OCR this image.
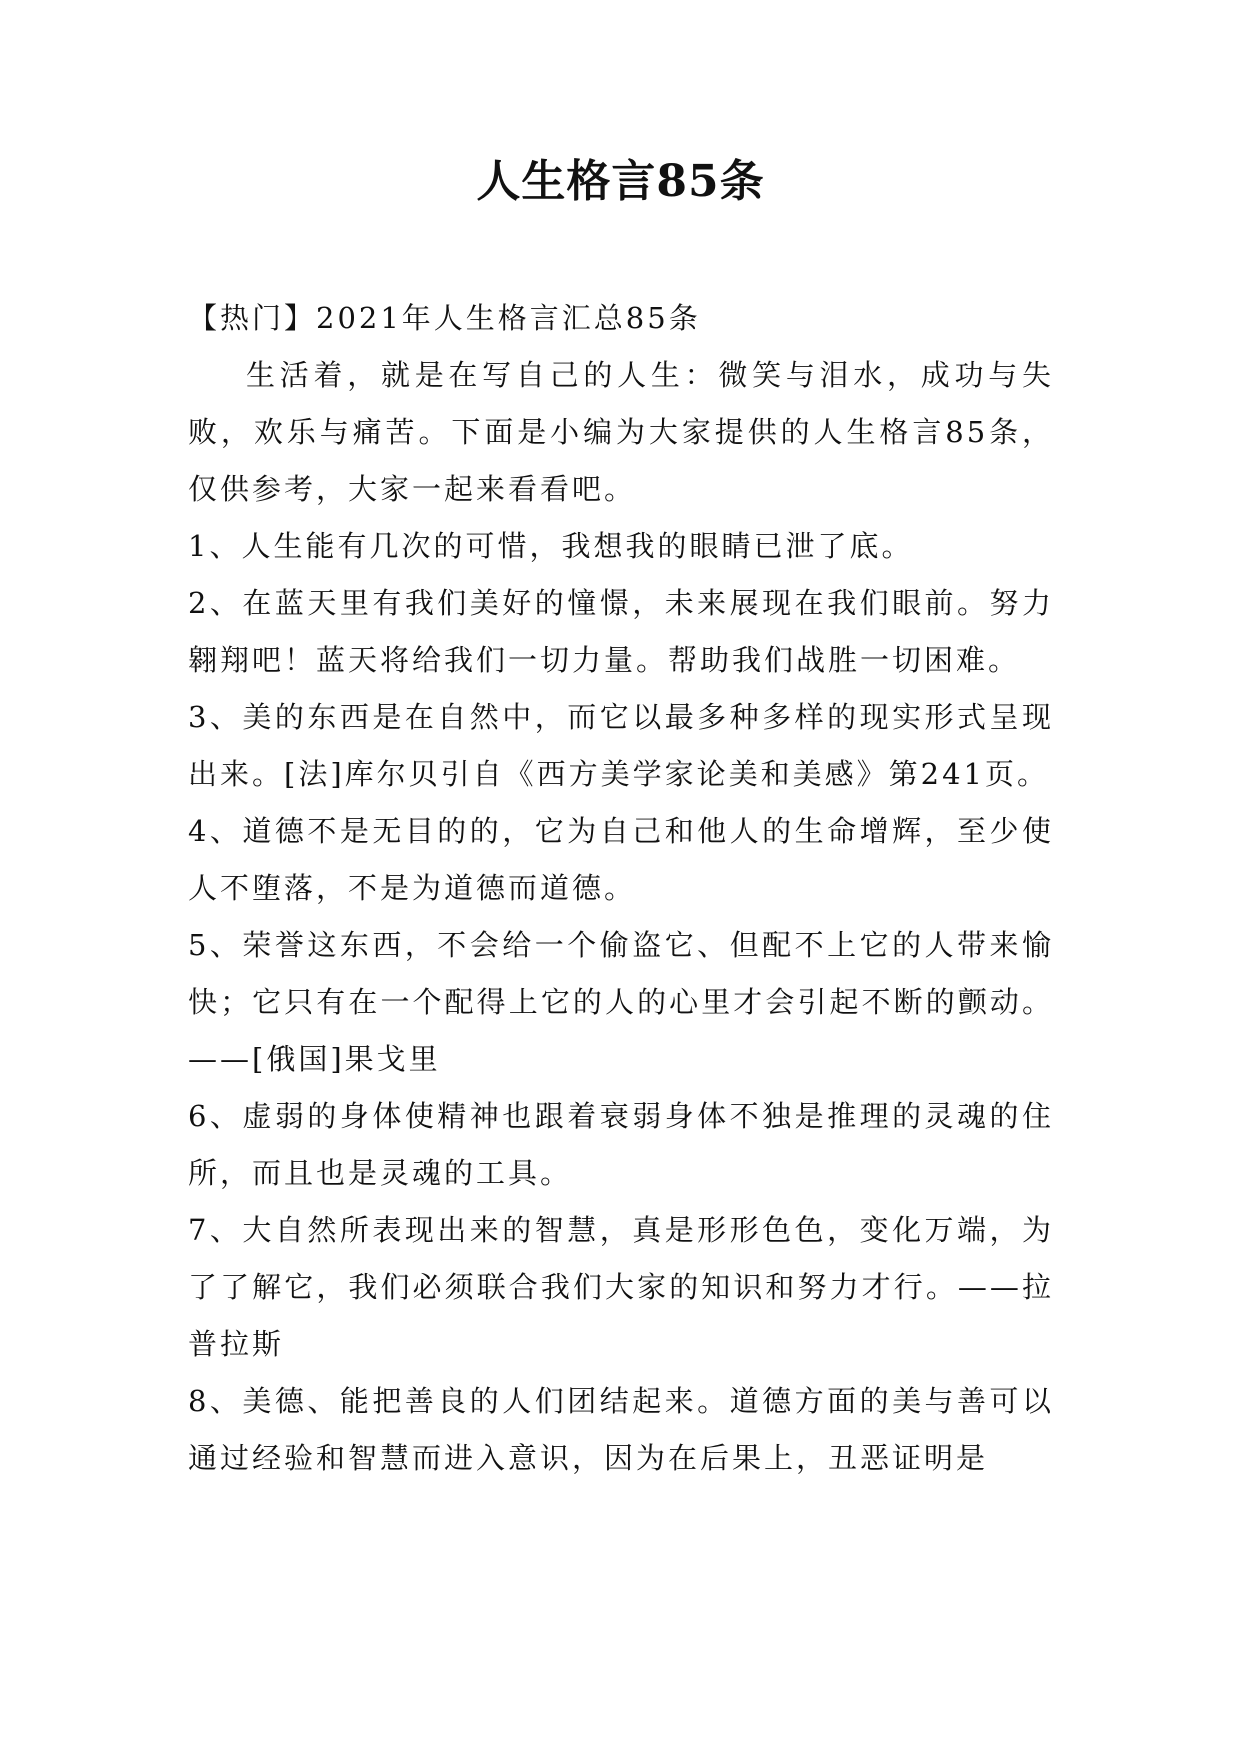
人生格言85条

【热门】2021年人生格言汇总85条

生活着，就是在写自己的人生：微笑与泪水，成功与失败，欢乐与痛苦。下面是小编为大家提供的人生格言85条，仅供参考，大家一起来看看吧。

1、人生能有几次的可惜，我想我的眼睛已泄了底。

2、在蓝天里有我们美好的憧憬，未来展现在我们眼前。努力翱翔吧！蓝天将给我们一切力量。帮助我们战胜一切困难。

3、美的东西是在自然中，而它以最多种多样的现实形式呈现出来。[法]库尔贝引自《西方美学家论美和美感》第241页。

4、道德不是无目的的，它为自己和他人的生命增辉，至少使人不堕落，不是为道德而道德。

5、荣誉这东西，不会给一个偷盗它、但配不上它的人带来愉快；它只有在一个配得上它的人的心里才会引起不断的颤动。——[俄国]果戈里

6、虚弱的身体使精神也跟着衰弱身体不独是推理的灵魂的住所，而且也是灵魂的工具。

7、大自然所表现出来的智慧，真是形形色色，变化万端，为了了解它，我们必须联合我们大家的知识和努力才行。——拉普拉斯

8、美德、能把善良的人们团结起来。道德方面的美与善可以通过经验和智慧而进入意识，因为在后果上，丑恶证明是
